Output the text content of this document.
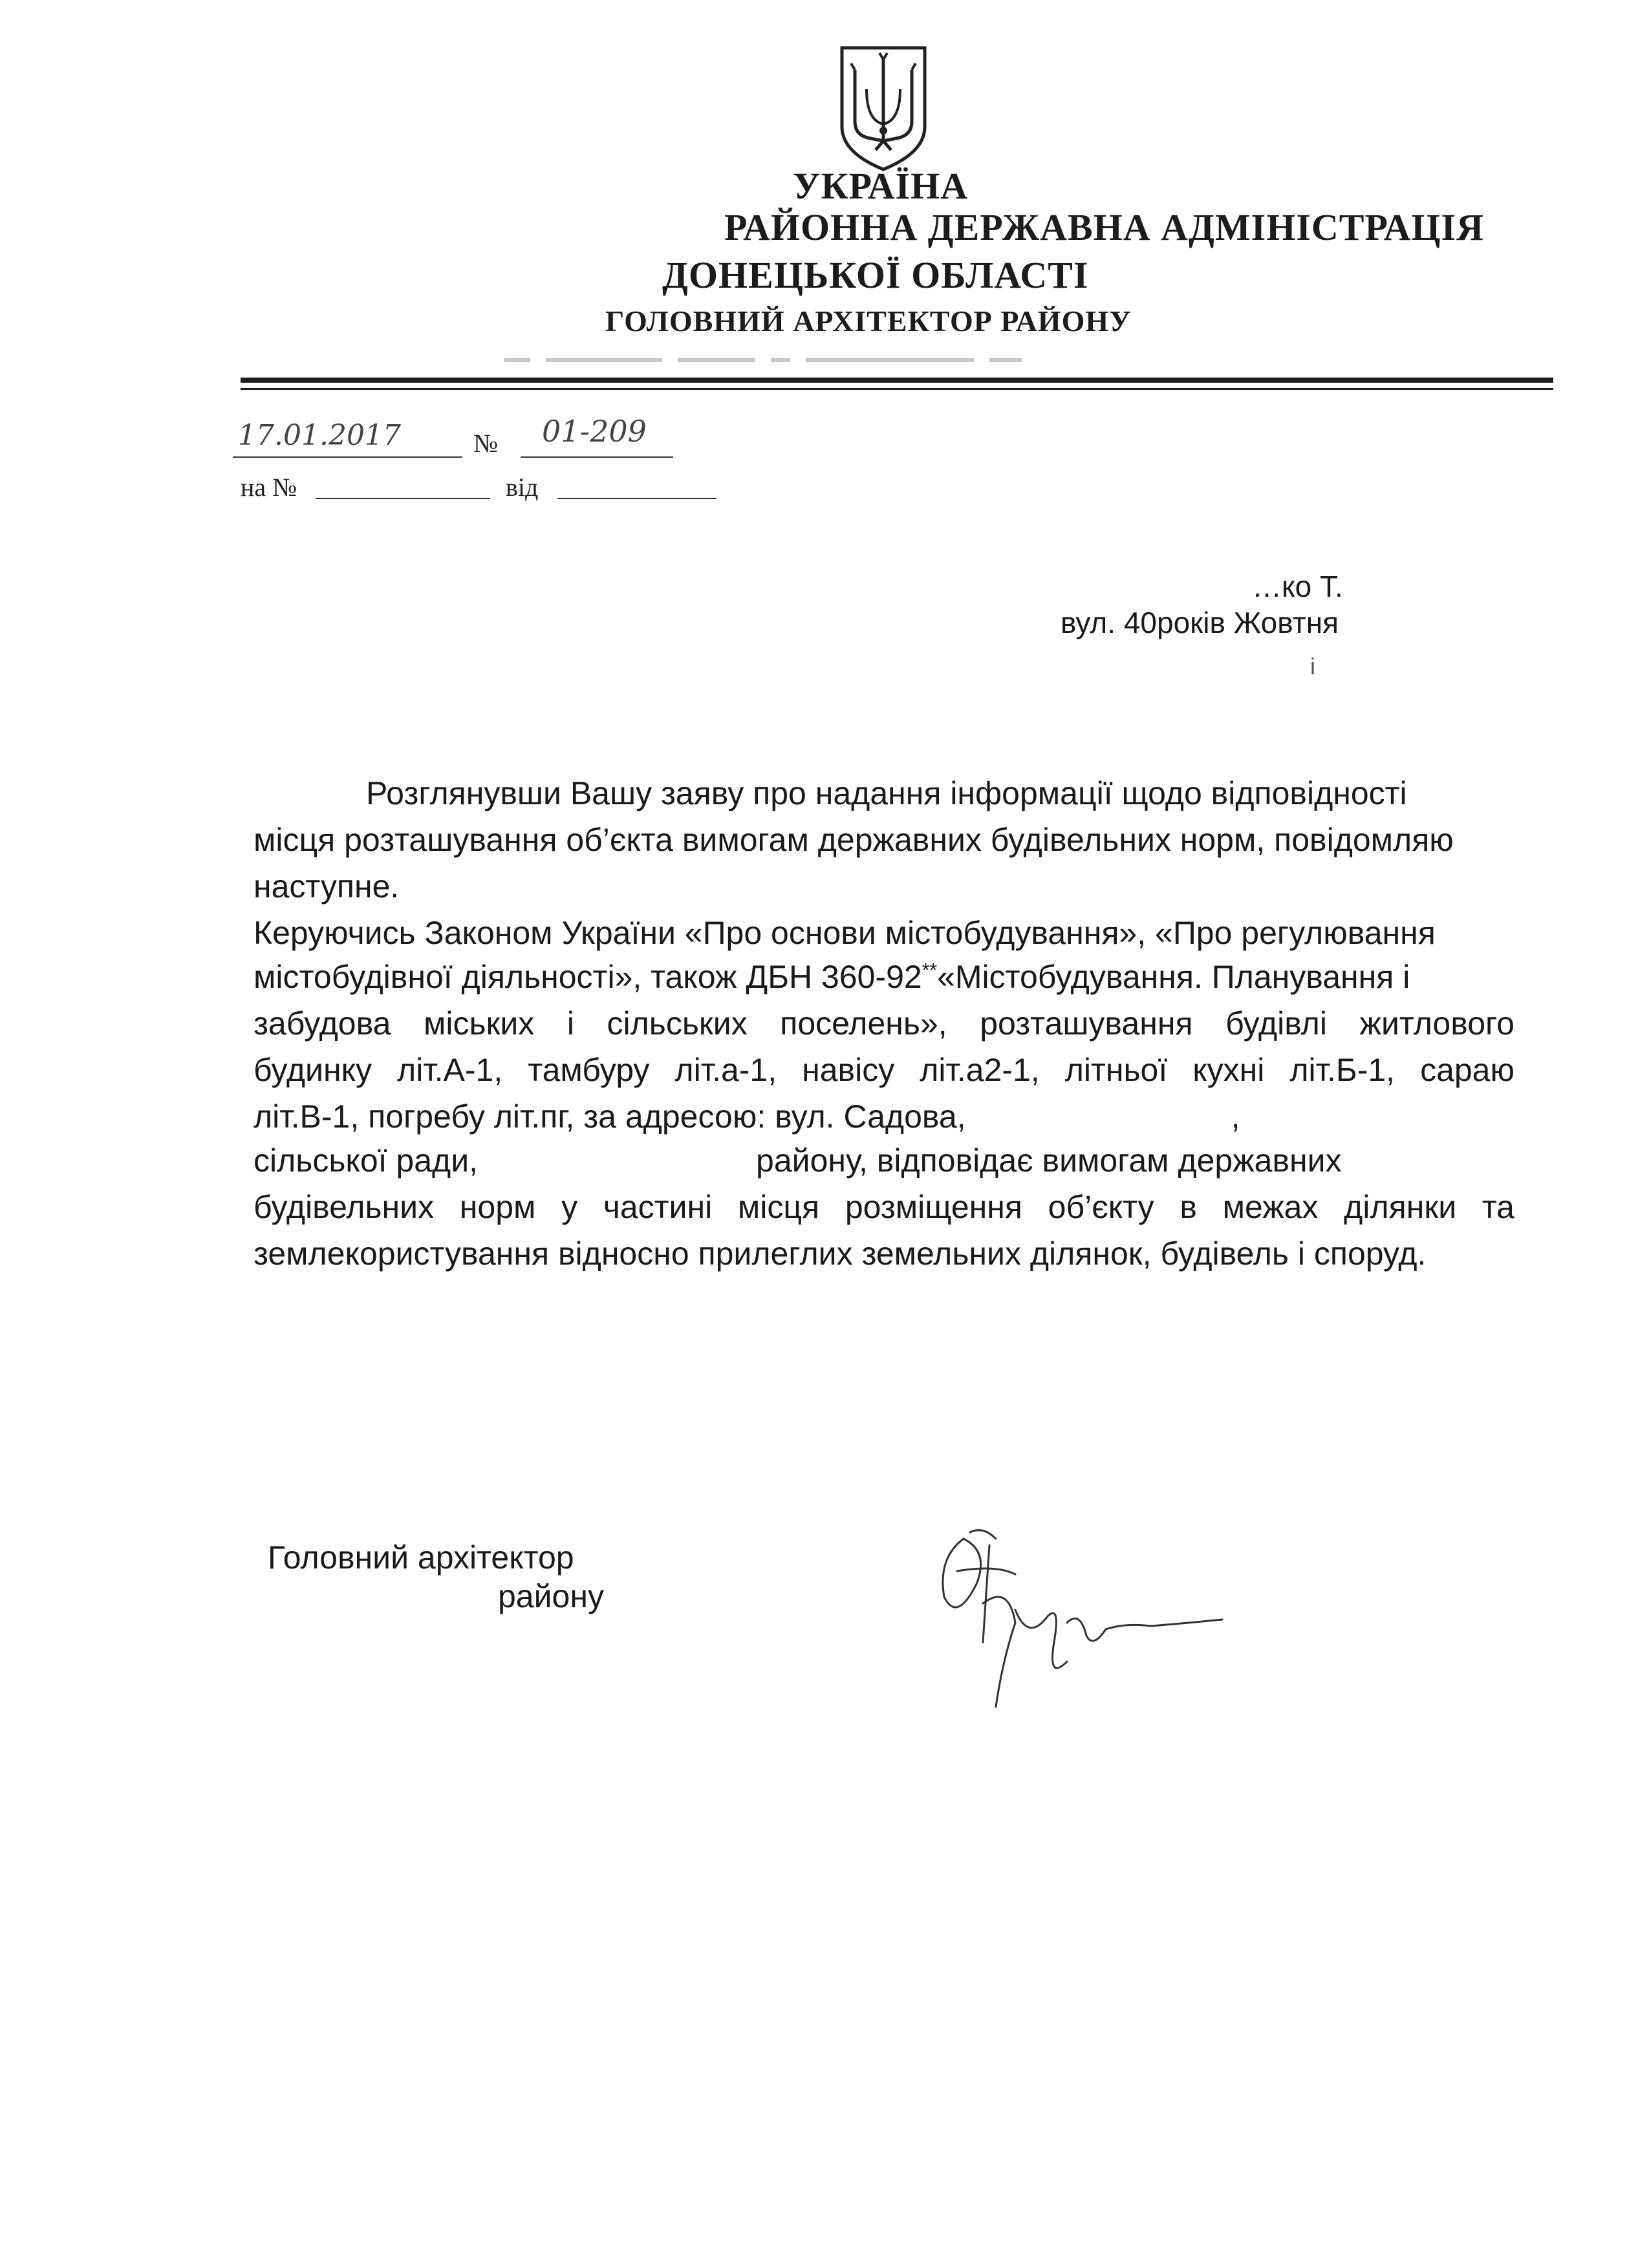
УКРАЇНА
РАЙОННА ДЕРЖАВНА АДМІНІСТРАЦІЯ
ДОНЕЦЬКОЇ ОБЛАСТІ
ГОЛОВНИЙ АРХІТЕКТОР РАЙОНУ
17.01.2017	№ 01-209
на №	від
…ко Т.
вул. 40років Жовтня
і
Розглянувши Вашу заяву про надання інформації щодо відповідності
місця розташування об’єкта вимогам державних будівельних норм, повідомляю
наступне.
Керуючись Законом України «Про основи містобудування», «Про регулювання
містобудівної діяльності», також ДБН 360-92**«Містобудування. Планування і
забудова міських і сільських поселень», розташування будівлі житлового
будинку літ.А-1, тамбуру літ.а-1, навісу літ.а2-1, літньої кухні літ.Б-1, сараю
літ.В-1, погребу літ.пг, за адресою: вул. Садова,	,
сільської ради,	району, відповідає вимогам державних
будівельних норм у частині місця розміщення об’єкту в межах ділянки та
землекористування відносно прилеглих земельних ділянок, будівель і споруд.
Головний архітектор
району
